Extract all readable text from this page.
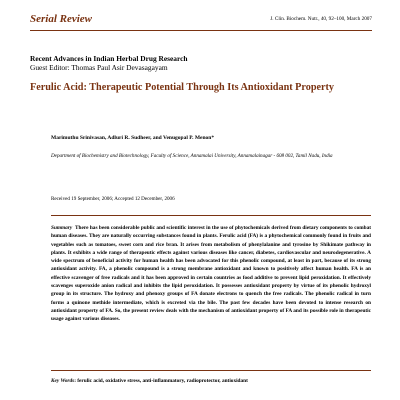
Serial Review	J. Clin. Biochem. Nutr., 40, 92–100, March 2007
Recent Advances in Indian Herbal Drug Research
Guest Editor: Thomas Paul Asir Devasagayam
Ferulic Acid: Therapeutic Potential Through Its Antioxidant Property
Marimuthu Srinivasan, Adluri R. Sudheer, and Venugopal P. Menon*
Department of Biochemistry and Biotechnology, Faculty of Science, Annamalai University, Annamalainagar - 608 002, Tamil Nadu, India
Received 19 September, 2006; Accepted 12 December, 2006
Summary There has been considerable public and scientific interest in the use of phytochemicals derived from dietary components to combat human diseases. They are naturally occurring substances found in plants. Ferulic acid (FA) is a phytochemical commonly found in fruits and vegetables such as tomatoes, sweet corn and rice bran. It arises from metabolism of phenylalanine and tyrosine by Shikimate pathway in plants. It exhibits a wide range of therapeutic effects against various diseases like cancer, diabetes, cardiovascular and neurodegenerative. A wide spectrum of beneficial activity for human health has been advocated for this phenolic compound, at least in part, because of its strong antioxidant activity. FA, a phenolic compound is a strong membrane antioxidant and known to positively affect human health. FA is an effective scavenger of free radicals and it has been approved in certain countries as food additive to prevent lipid peroxidation. It effectively scavenges superoxide anion radical and inhibits the lipid peroxidation. It possesses antioxidant property by virtue of its phenolic hydroxyl group in its structure. The hydroxy and phenoxy groups of FA donate electrons to quench the free radicals. The phenolic radical in turn forms a quinone methide intermediate, which is excreted via the bile. The past few decades have been devoted to intense research on antioxidant property of FA. So, the present review deals with the mechanism of antioxidant property of FA and its possible role in therapeutic usage against various diseases.
Key Words: ferulic acid, oxidative stress, anti-inflammatory, radioprotector, antioxidant
